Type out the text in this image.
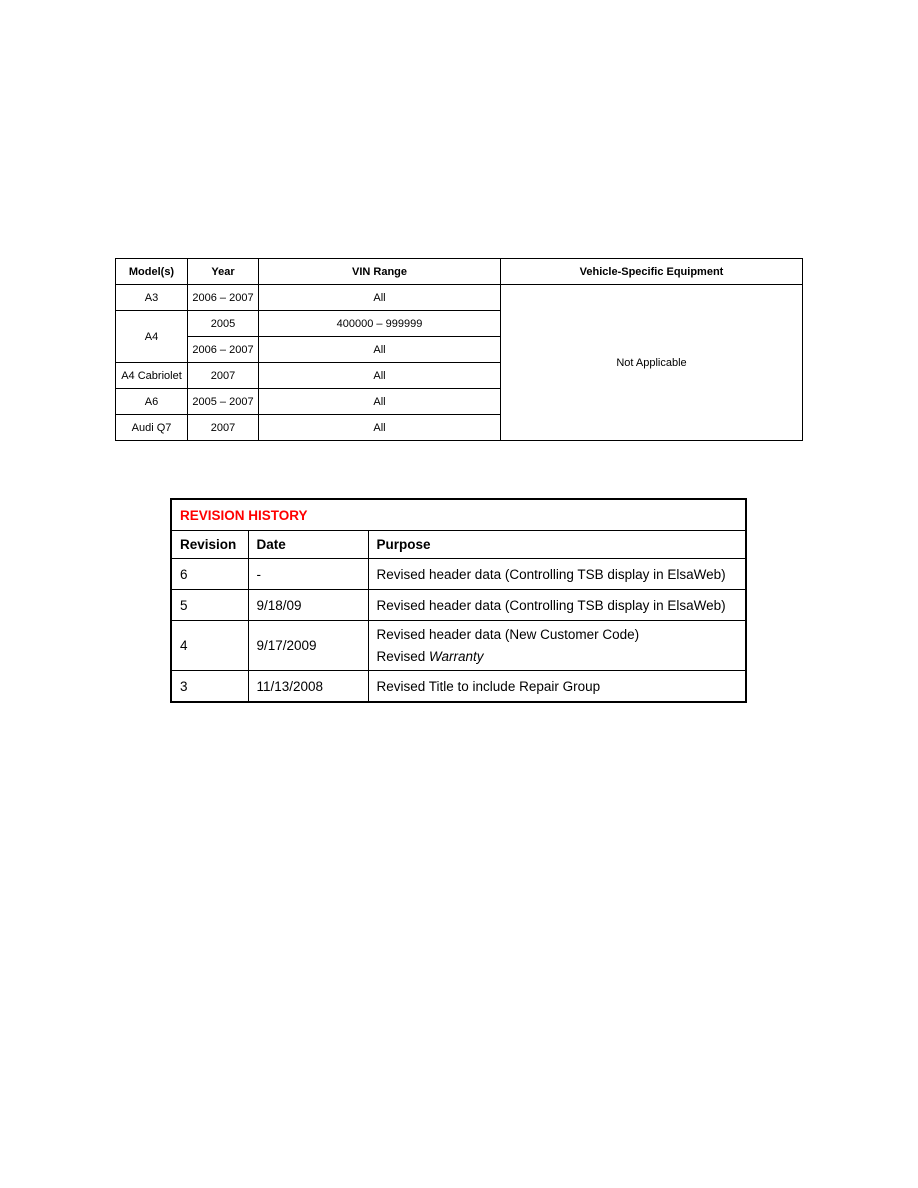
Model(s)	Year	VIN Range	Vehicle-Specific Equipment
A3	2006 – 2007	All	Not Applicable
A4	2005	400000 – 999999	
	2006 – 2007	All	
A4 Cabriolet	2007	All	
A6	2005 – 2007	All	
Audi Q7	2007	All	
REVISION HISTORY		
Revision	Date	Purpose
6	-	Revised header data (Controlling TSB display in ElsaWeb)
5	9/18/09	Revised header data (Controlling TSB display in ElsaWeb)
4	9/17/2009	Revised header data (New Customer Code)
Revised Warranty

3	11/13/2008	Revised Title to include Repair Group
